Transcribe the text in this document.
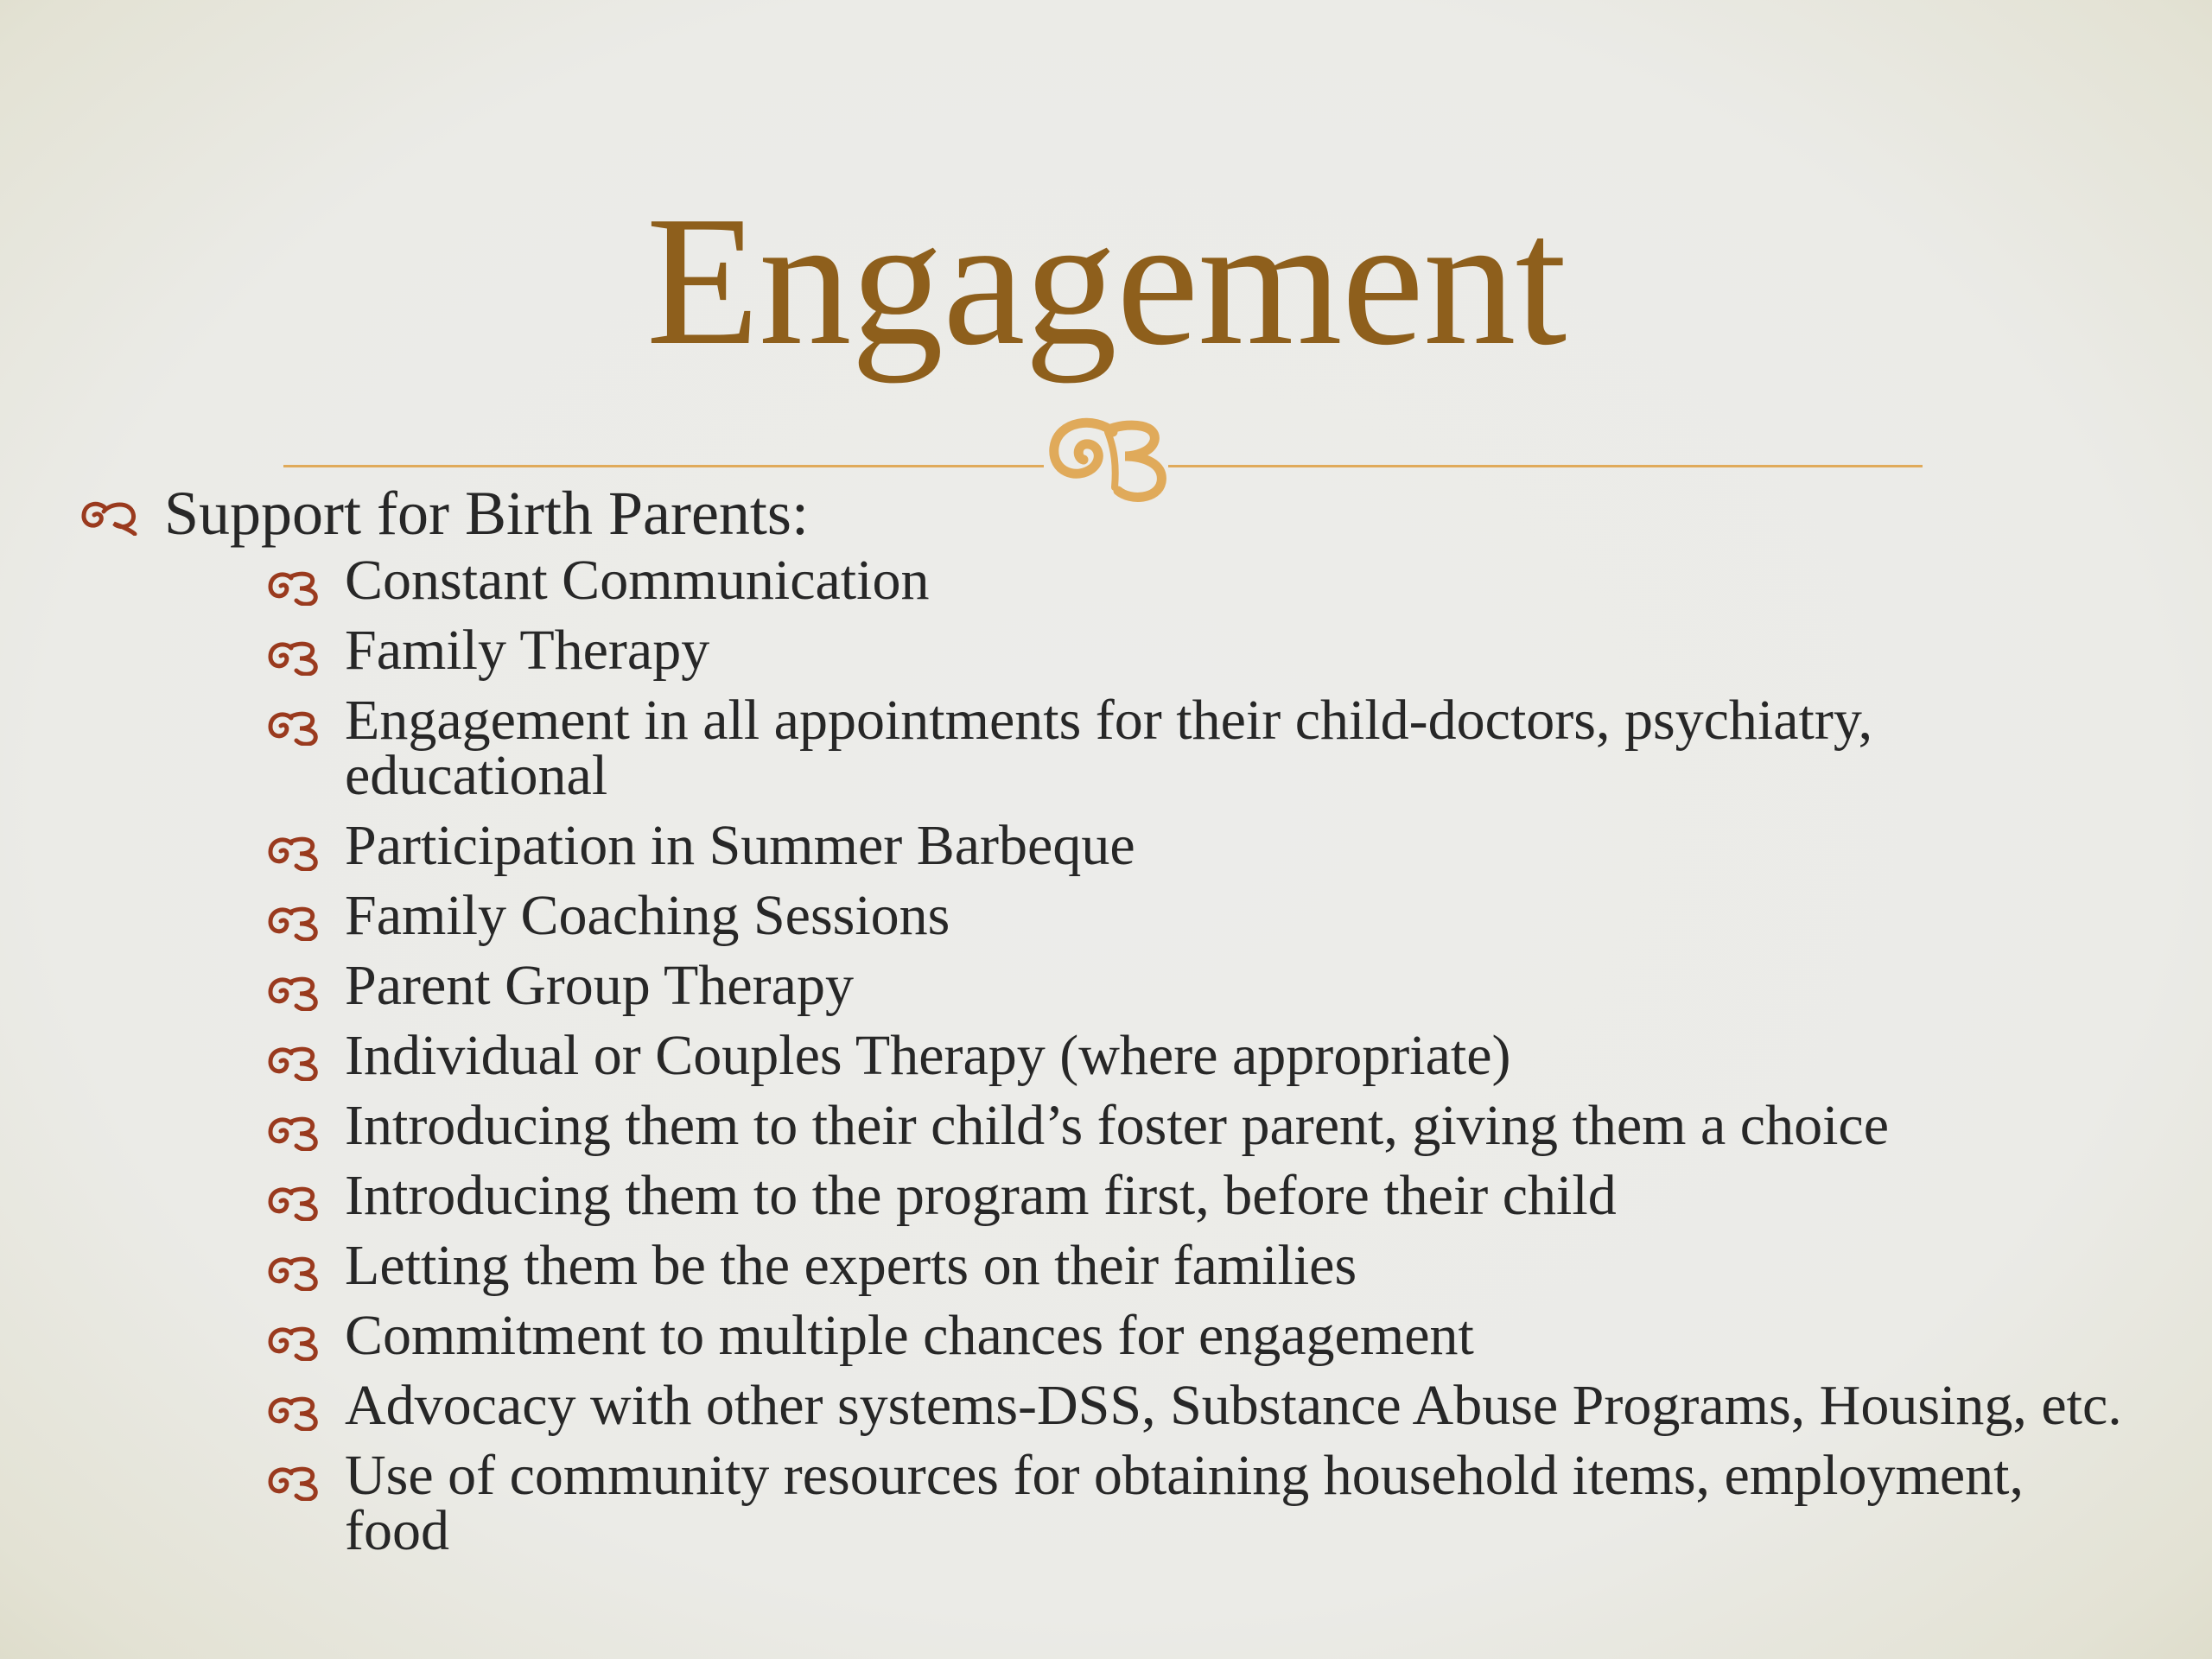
Engagement
Support for Birth Parents:
Constant Communication
Family Therapy
Engagement in all appointments for their child-doctors, psychiatry, educational
Participation in Summer Barbeque
Family Coaching Sessions
Parent Group Therapy
Individual or Couples Therapy (where appropriate)
Introducing them to their child’s foster parent, giving them a choice
Introducing them to the program first, before their child
Letting them be the experts on their families
Commitment to multiple chances for engagement
Advocacy with other systems-DSS, Substance Abuse Programs, Housing, etc.
Use of community resources for obtaining household items, employment, food
